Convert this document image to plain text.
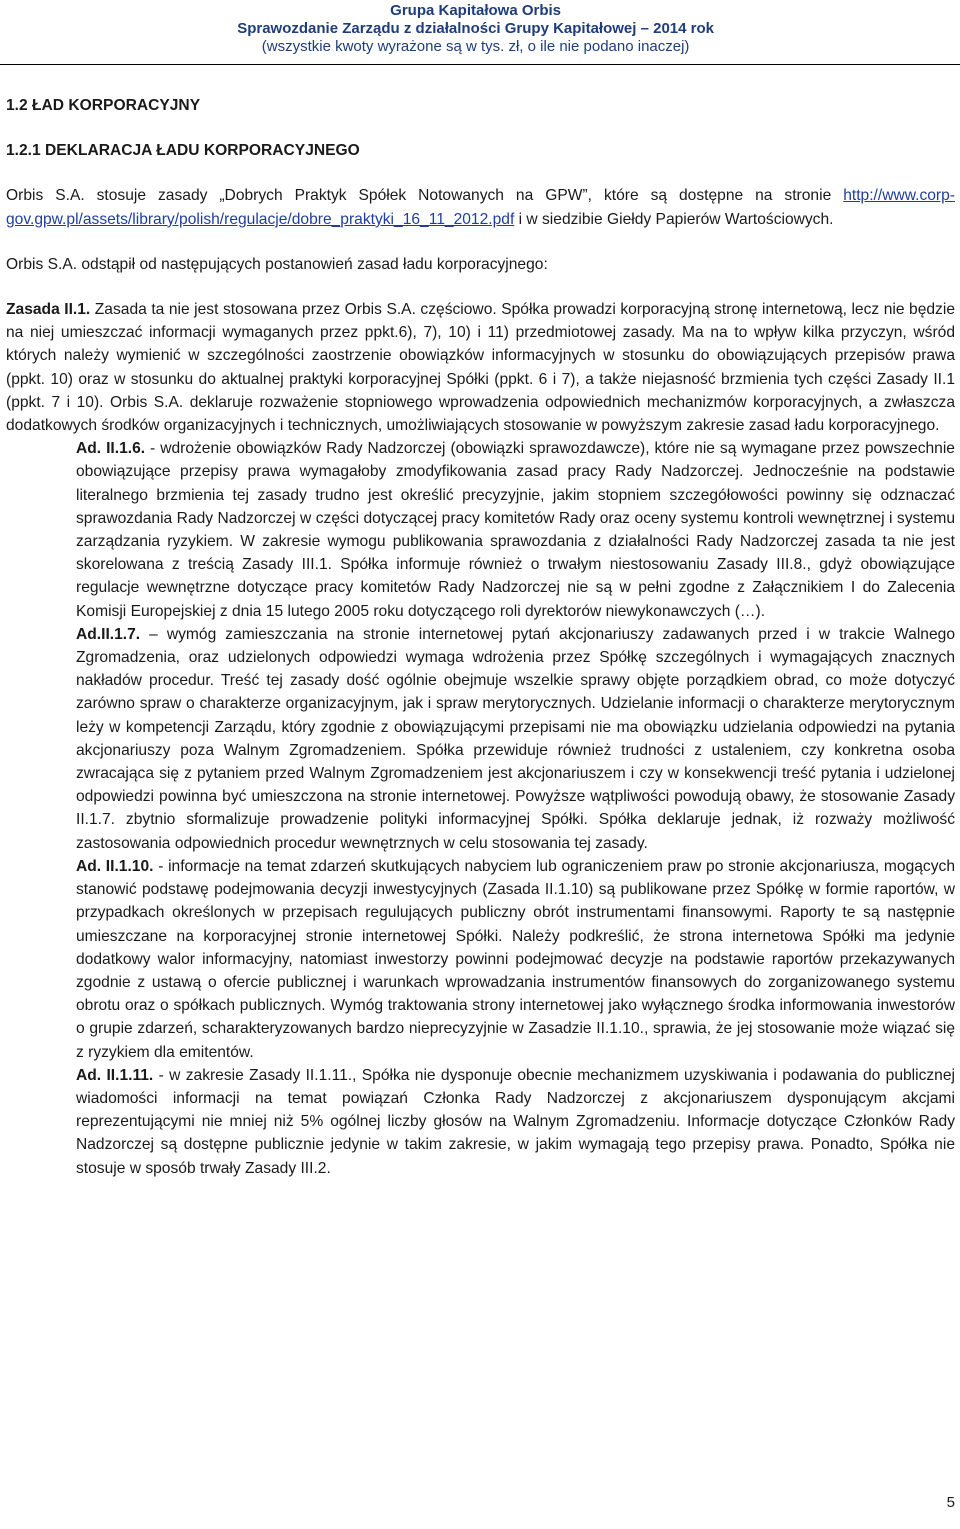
Grupa Kapitałowa Orbis
Sprawozdanie Zarządu z działalności Grupy Kapitałowej – 2014 rok
(wszystkie kwoty wyrażone są w tys. zł, o ile nie podano inaczej)
1.2 ŁAD KORPORACYJNY
1.2.1 DEKLARACJA ŁADU KORPORACYJNEGO

Orbis S.A. stosuje zasady „Dobrych Praktyk Spółek Notowanych na GPW”, które są dostępne na stronie http://www.corp-gov.gpw.pl/assets/library/polish/regulacje/dobre_praktyki_16_11_2012.pdf i w siedzibie Giełdy Papierów Wartościowych.

Orbis S.A. odstąpił od następujących postanowień zasad ładu korporacyjnego:

Zasada II.1. Zasada ta nie jest stosowana przez Orbis S.A. częściowo. Spółka prowadzi korporacyjną stronę internetową, lecz nie będzie na niej umieszczać informacji wymaganych przez ppkt.6), 7), 10) i 11) przedmiotowej zasady. Ma na to wpływ kilka przyczyn, wśród których należy wymienić w szczególności zaostrzenie obowiązków informacyjnych w stosunku do obowiązujących przepisów prawa (ppkt. 10) oraz w stosunku do aktualnej praktyki korporacyjnej Spółki (ppkt. 6 i 7), a także niejasność brzmienia tych części Zasady II.1 (ppkt. 7 i 10). Orbis S.A. deklaruje rozważenie stopniowego wprowadzenia odpowiednich mechanizmów korporacyjnych, a zwłaszcza dodatkowych środków organizacyjnych i technicznych, umożliwiających stosowanie w powyższym zakresie zasad ładu korporacyjnego.

Ad. II.1.6. - wdrożenie obowiązków Rady Nadzorczej (obowiązki sprawozdawcze), które nie są wymagane przez powszechnie obowiązujące przepisy prawa wymagałoby zmodyfikowania zasad pracy Rady Nadzorczej. Jednocześnie na podstawie literalnego brzmienia tej zasady trudno jest określić precyzyjnie, jakim stopniem szczegółowości powinny się odznaczać sprawozdania Rady Nadzorczej w części dotyczącej pracy komitetów Rady oraz oceny systemu kontroli wewnętrznej i systemu zarządzania ryzykiem. W zakresie wymogu publikowania sprawozdania z działalności Rady Nadzorczej zasada ta nie jest skorelowana z treścią Zasady III.1. Spółka informuje również o trwałym niestosowaniu Zasady III.8., gdyż obowiązujące regulacje wewnętrzne dotyczące pracy komitetów Rady Nadzorczej nie są w pełni zgodne z Załącznikiem I do Zalecenia Komisji Europejskiej z dnia 15 lutego 2005 roku dotyczącego roli dyrektorów niewykonawczych (…).

Ad.II.1.7. – wymóg zamieszczania na stronie internetowej pytań akcjonariuszy zadawanych przed i w trakcie Walnego Zgromadzenia, oraz udzielonych odpowiedzi wymaga wdrożenia przez Spółkę szczególnych i wymagających znacznych nakładów procedur. Treść tej zasady dość ogólnie obejmuje wszelkie sprawy objęte porządkiem obrad, co może dotyczyć zarówno spraw o charakterze organizacyjnym, jak i spraw merytorycznych. Udzielanie informacji o charakterze merytorycznym leży w kompetencji Zarządu, który zgodnie z obowiązującymi przepisami nie ma obowiązku udzielania odpowiedzi na pytania akcjonariuszy poza Walnym Zgromadzeniem. Spółka przewiduje również trudności z ustaleniem, czy konkretna osoba zwracająca się z pytaniem przed Walnym Zgromadzeniem jest akcjonariuszem i czy w konsekwencji treść pytania i udzielonej odpowiedzi powinna być umieszczona na stronie internetowej. Powyższe wątpliwości powodują obawy, że stosowanie Zasady II.1.7. zbytnio sformalizuje prowadzenie polityki informacyjnej Spółki. Spółka deklaruje jednak, iż rozważy możliwość zastosowania odpowiednich procedur wewnętrznych w celu stosowania tej zasady.

Ad. II.1.10. - informacje na temat zdarzeń skutkujących nabyciem lub ograniczeniem praw po stronie akcjonariusza, mogących stanowić podstawę podejmowania decyzji inwestycyjnych (Zasada II.1.10) są publikowane przez Spółkę w formie raportów, w przypadkach określonych w przepisach regulujących publiczny obrót instrumentami finansowymi. Raporty te są następnie umieszczane na korporacyjnej stronie internetowej Spółki. Należy podkreślić, że strona internetowa Spółki ma jedynie dodatkowy walor informacyjny, natomiast inwestorzy powinni podejmować decyzje na podstawie raportów przekazywanych zgodnie z ustawą o ofercie publicznej i warunkach wprowadzania instrumentów finansowych do zorganizowanego systemu obrotu oraz o spółkach publicznych. Wymóg traktowania strony internetowej jako wyłącznego środka informowania inwestorów o grupie zdarzeń, scharakteryzowanych bardzo nieprecyzyjnie w Zasadzie II.1.10., sprawia, że jej stosowanie może wiązać się z ryzykiem dla emitentów.

Ad. II.1.11. - w zakresie Zasady II.1.11., Spółka nie dysponuje obecnie mechanizmem uzyskiwania i podawania do publicznej wiadomości informacji na temat powiązań Członka Rady Nadzorczej z akcjonariuszem dysponującym akcjami reprezentującymi nie mniej niż 5% ogólnej liczby głosów na Walnym Zgromadzeniu. Informacje dotyczące Członków Rady Nadzorczej są dostępne publicznie jedynie w takim zakresie, w jakim wymagają tego przepisy prawa. Ponadto, Spółka nie stosuje w sposób trwały Zasady III.2.

5
